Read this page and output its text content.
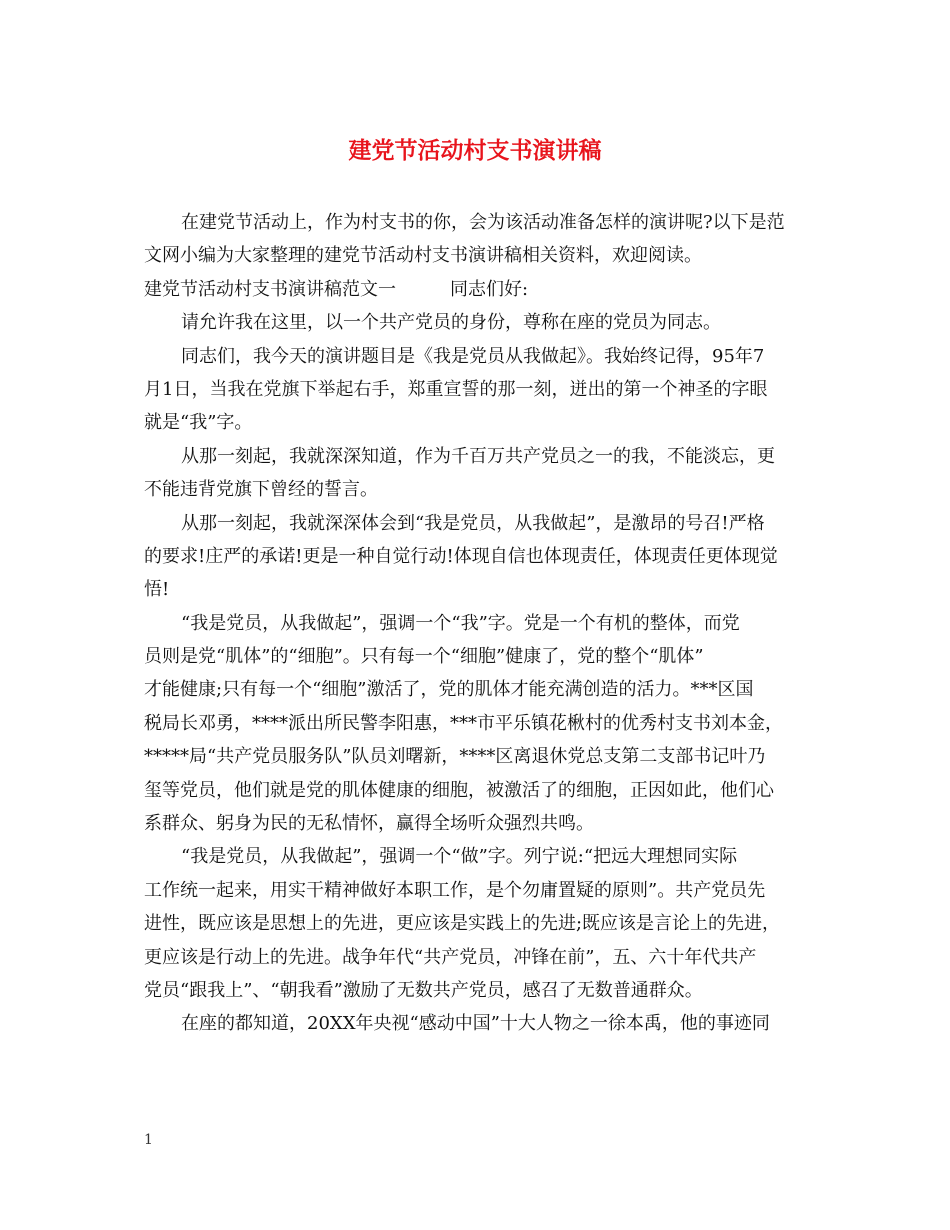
建党节活动村支书演讲稿
在建党节活动上，作为村支书的你，会为该活动准备怎样的演讲呢?以下是范
文网小编为大家整理的建党节活动村支书演讲稿相关资料，欢迎阅读。
建党节活动村支书演讲稿范文一　　　同志们好:
请允许我在这里，以一个共产党员的身份，尊称在座的党员为同志。
同志们，我今天的演讲题目是《我是党员从我做起》。我始终记得，95年7
月1日，当我在党旗下举起右手，郑重宣誓的那一刻，迸出的第一个神圣的字眼
就是“我”字。
从那一刻起，我就深深知道，作为千百万共产党员之一的我，不能淡忘，更
不能违背党旗下曾经的誓言。
从那一刻起，我就深深体会到“我是党员，从我做起”，是激昂的号召!严格
的要求!庄严的承诺!更是一种自觉行动!体现自信也体现责任，体现责任更体现觉
悟!
“我是党员，从我做起”，强调一个“我”字。党是一个有机的整体，而党
员则是党“肌体”的“细胞”。只有每一个“细胞”健康了，党的整个“肌体”
才能健康;只有每一个“细胞”激活了，党的肌体才能充满创造的活力。***区国
税局长邓勇，****派出所民警李阳惠，***市平乐镇花楸村的优秀村支书刘本金，
*****局“共产党员服务队”队员刘曙新，****区离退休党总支第二支部书记叶乃
玺等党员，他们就是党的肌体健康的细胞，被激活了的细胞，正因如此，他们心
系群众、躬身为民的无私情怀，赢得全场听众强烈共鸣。
“我是党员，从我做起”，强调一个“做”字。列宁说:“把远大理想同实际
工作统一起来，用实干精神做好本职工作，是个勿庸置疑的原则”。共产党员先
进性，既应该是思想上的先进，更应该是实践上的先进;既应该是言论上的先进，
更应该是行动上的先进。战争年代“共产党员，冲锋在前”，五、六十年代共产
党员“跟我上”、“朝我看”激励了无数共产党员，感召了无数普通群众。
在座的都知道，20XX年央视“感动中国”十大人物之一徐本禹，他的事迹同
1
